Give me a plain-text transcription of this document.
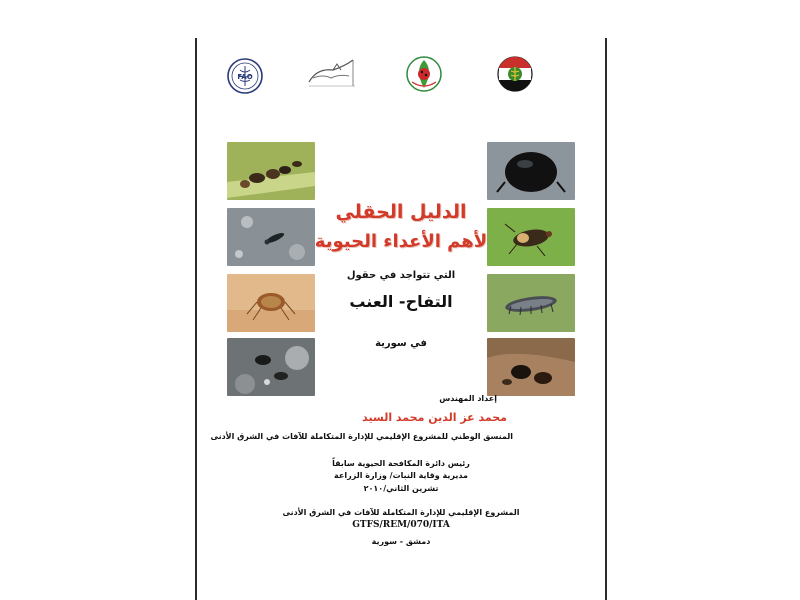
FAO
الدليل الحقلي
لأهم الأعداء الحيوية
التي تتواجد في حقول
التفاح- العنب
في سورية
إعداد المهندس
محمد عز الدين محمد السيد
المنسق الوطني للمشروع الإقليمي للإدارة المتكاملة للآفات في الشرق الأدنى
رئيس دائرة المكافحة الحيوية سابقاً
مديرية وقاية النبات/ وزارة الزراعة
تشرين الثاني/٢٠١٠
المشروع الإقليمي للإدارة المتكاملة للآفات في الشرق الأدنى
GTFS/REM/070/ITA
دمشق - سورية
